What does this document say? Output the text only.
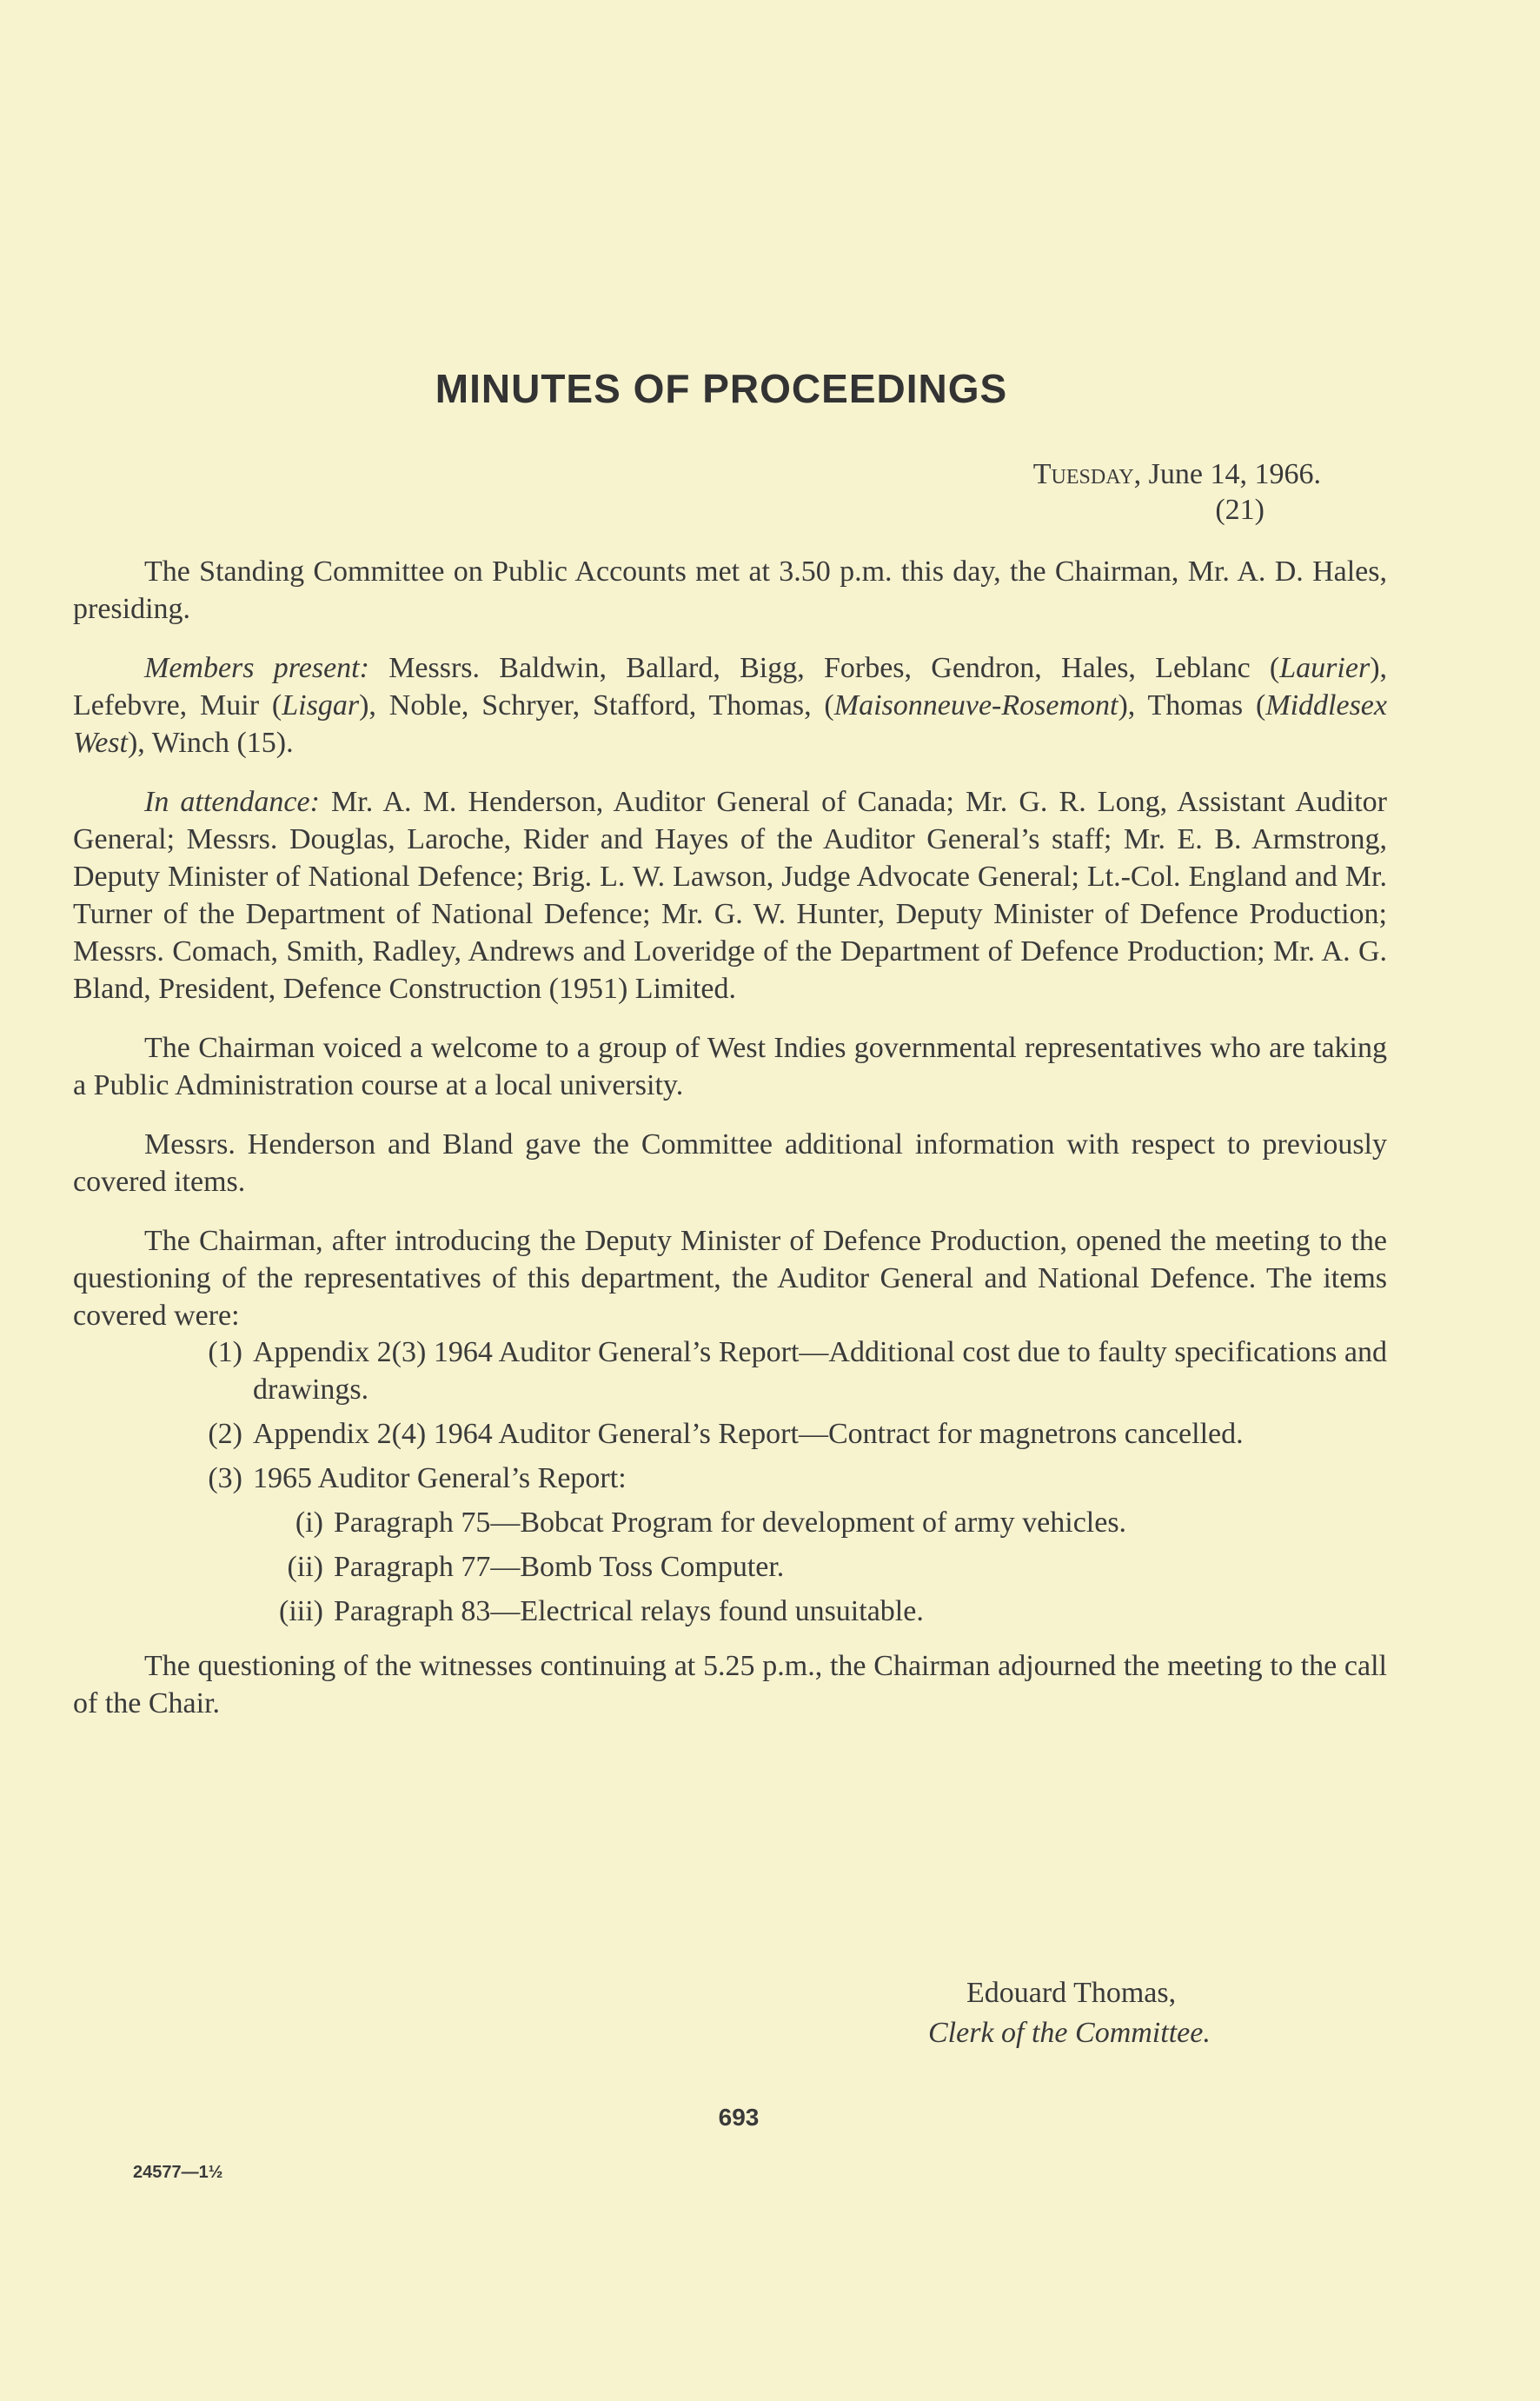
MINUTES OF PROCEEDINGS
Tuesday, June 14, 1966.
(21)

The Standing Committee on Public Accounts met at 3.50 p.m. this day, the Chairman, Mr. A. D. Hales, presiding.

Members present: Messrs. Baldwin, Ballard, Bigg, Forbes, Gendron, Hales, Leblanc (Laurier), Lefebvre, Muir (Lisgar), Noble, Schryer, Stafford, Thomas, (Maisonneuve-Rosemont), Thomas (Middlesex West), Winch (15).

In attendance: Mr. A. M. Henderson, Auditor General of Canada; Mr. G. R. Long, Assistant Auditor General; Messrs. Douglas, Laroche, Rider and Hayes of the Auditor General’s staff; Mr. E. B. Armstrong, Deputy Minister of National Defence; Brig. L. W. Lawson, Judge Advocate General; Lt.-Col. England and Mr. Turner of the Department of National Defence; Mr. G. W. Hunter, Deputy Minister of Defence Production; Messrs. Comach, Smith, Radley, Andrews and Loveridge of the Department of Defence Production; Mr. A. G. Bland, President, Defence Construction (1951) Limited.

The Chairman voiced a welcome to a group of West Indies governmental representatives who are taking a Public Administration course at a local university.

Messrs. Henderson and Bland gave the Committee additional information with respect to previously covered items.

The Chairman, after introducing the Deputy Minister of Defence Production, opened the meeting to the questioning of the representatives of this department, the Auditor General and National Defence. The items covered were:

(1) Appendix 2(3) 1964 Auditor General’s Report—Additional cost due to faulty specifications and drawings.
(2) Appendix 2(4) 1964 Auditor General’s Report—Contract for magnetrons cancelled.
(3) 1965 Auditor General’s Report:
(i) Paragraph 75—Bobcat Program for development of army vehicles.
(ii) Paragraph 77—Bomb Toss Computer.
(iii) Paragraph 83—Electrical relays found unsuitable.

The questioning of the witnesses continuing at 5.25 p.m., the Chairman adjourned the meeting to the call of the Chair.

Edouard Thomas,
Clerk of the Committee.
693
24577—1½
